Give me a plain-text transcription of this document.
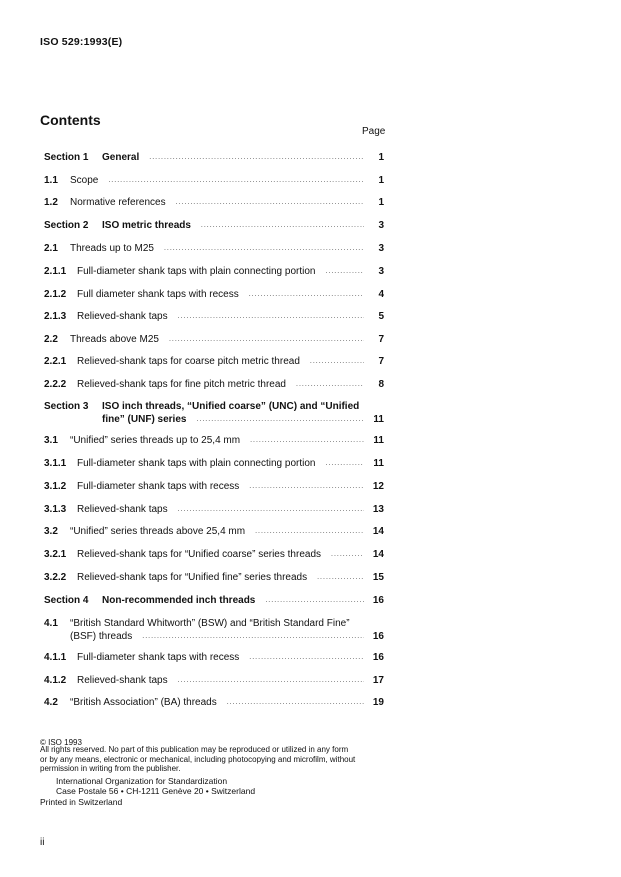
ISO 529:1993(E)
Contents
Page
Section 1	General .....	1
1.1	Scope .....	1
1.2	Normative references .....	1
Section 2	ISO metric threads .....	3
2.1	Threads up to M25 .....	3
2.1.1	Full-diameter shank taps with plain connecting portion .....	3
2.1.2	Full diameter shank taps with recess .....	4
2.1.3	Relieved-shank taps .....	5
2.2	Threads above M25 .....	7
2.2.1	Relieved-shank taps for coarse pitch metric thread .....	7
2.2.2	Relieved-shank taps for fine pitch metric thread .....	8
Section 3	ISO inch threads, “Unified coarse” (UNC) and “Unified
fine” (UNF) series .....	11
3.1	“Unified” series threads up to 25,4 mm .....	11
3.1.1	Full-diameter shank taps with plain connecting portion .....	11
3.1.2	Full-diameter shank taps with recess .....	12
3.1.3	Relieved-shank taps .....	13
3.2	“Unified” series threads above 25,4 mm .....	14
3.2.1	Relieved-shank taps for “Unified coarse” series threads .....	14
3.2.2	Relieved-shank taps for “Unified fine” series threads .....	15
Section 4	Non-recommended inch threads .....	16
4.1	“British Standard Whitworth” (BSW) and “British Standard Fine”
(BSF) threads .....	16
4.1.1	Full-diameter shank taps with recess .....	16
4.1.2	Relieved-shank taps .....	17
4.2	“British Association” (BA) threads .....	19
© ISO 1993
All rights reserved. No part of this publication may be reproduced or utilized in any form
or by any means, electronic or mechanical, including photocopying and microfilm, without
permission in writing from the publisher.
International Organization for Standardization
Case Postale 56 • CH-1211 Genève 20 • Switzerland
Printed in Switzerland
ii
